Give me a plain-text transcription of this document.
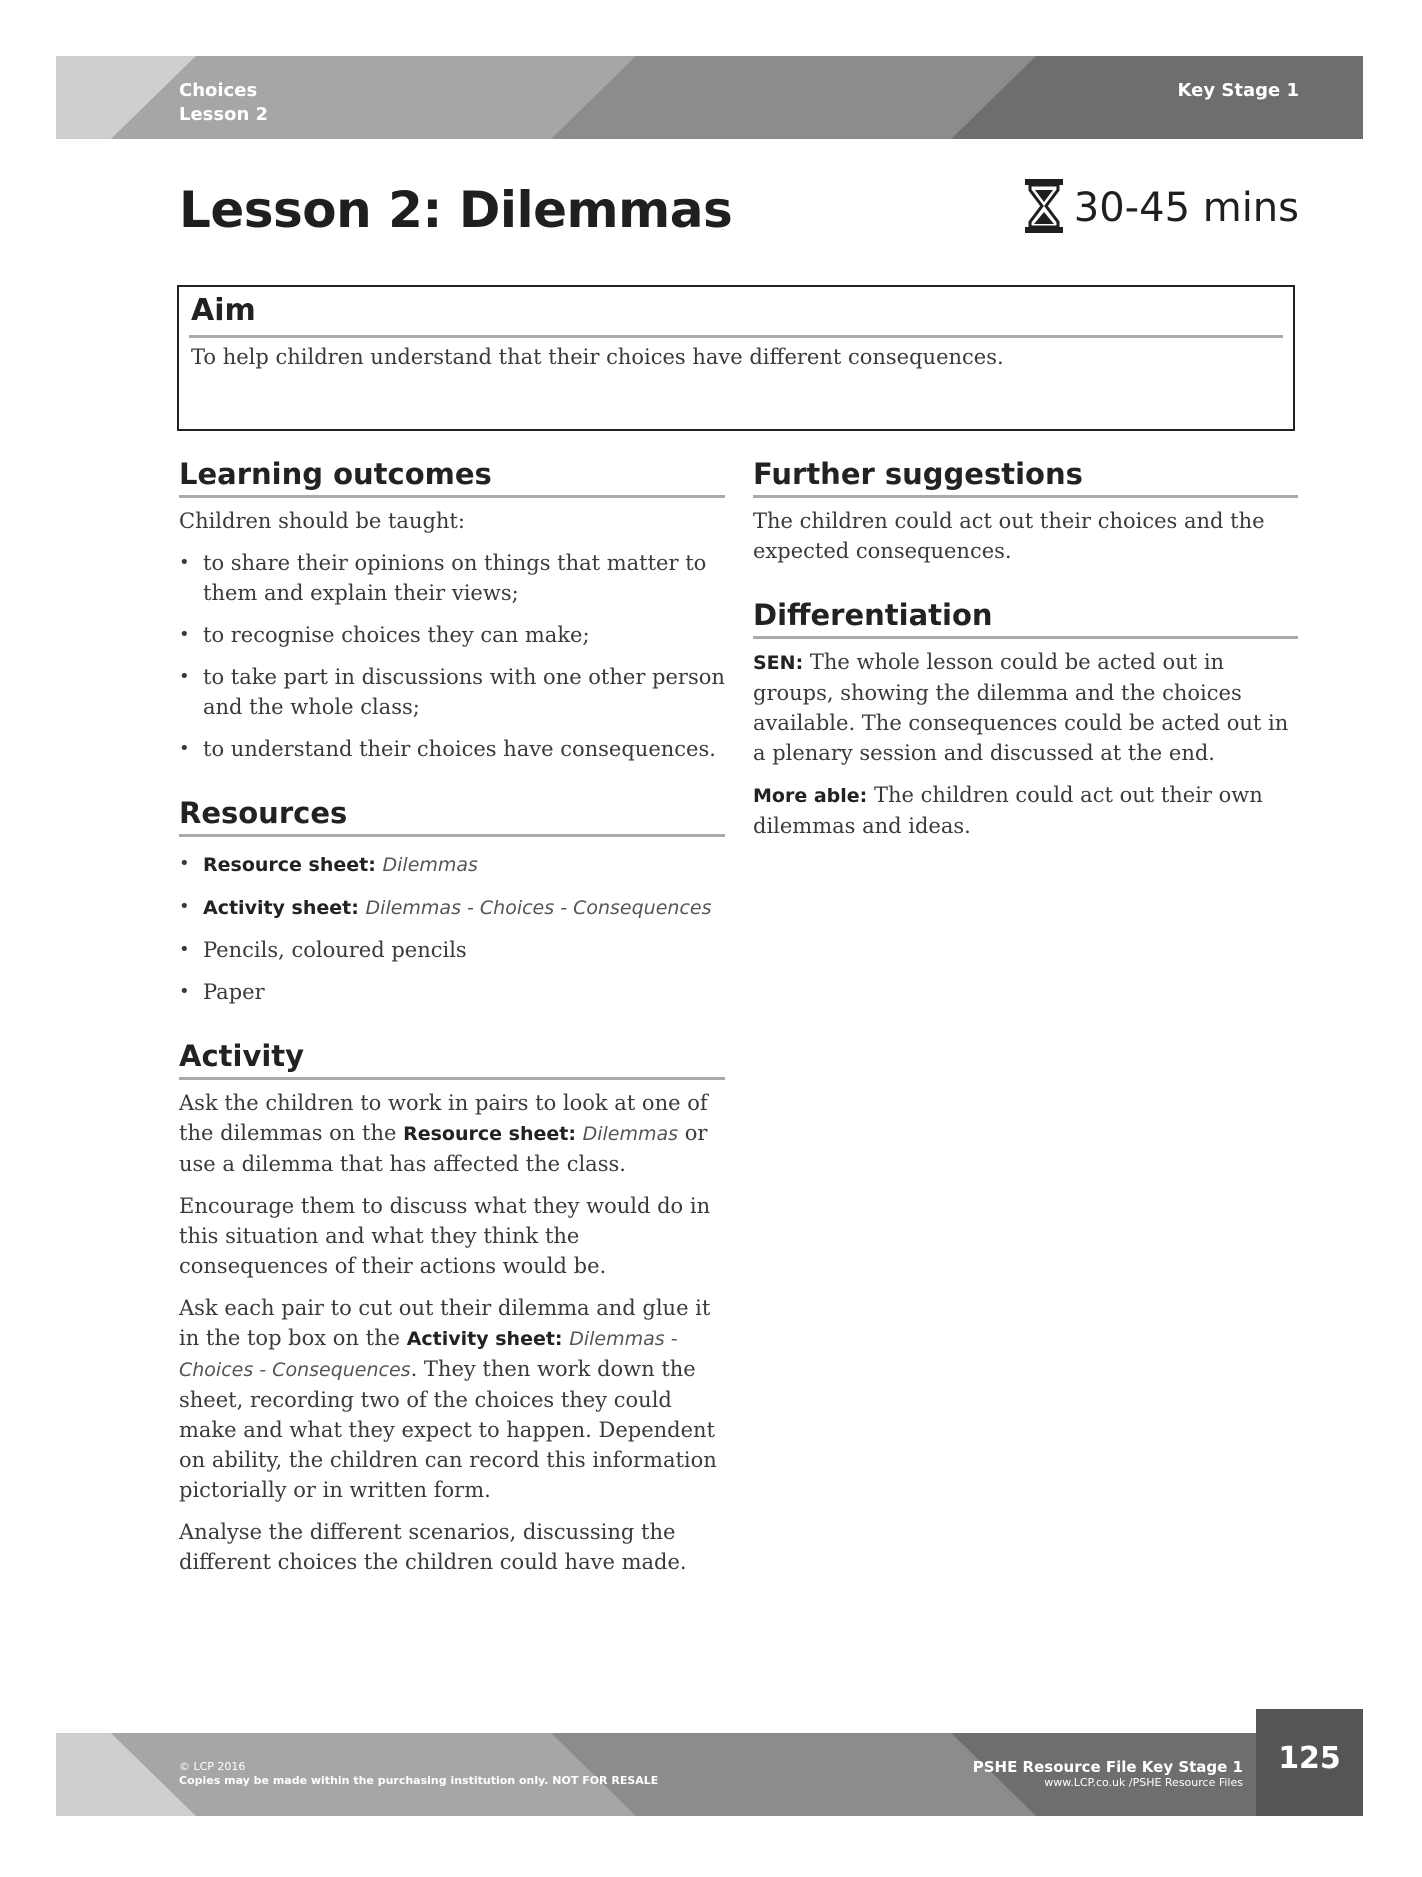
Choices
Lesson 2
Key Stage 1
Lesson 2: Dilemmas	30-45 mins
Aim
To help children understand that their choices have different consequences.
Learning outcomes

Children should be taught:

• to share their opinions on things that matter to them and explain their views;
• to recognise choices they can make;
• to take part in discussions with one other person and the whole class;
• to understand their choices have consequences.
Resources
• Resource sheet: Dilemmas
• Activity sheet: Dilemmas - Choices - Consequences
• Pencils, coloured pencils
• Paper
Activity

Ask the children to work in pairs to look at one of the dilemmas on the Resource sheet: Dilemmas or use a dilemma that has affected the class.

Encourage them to discuss what they would do in this situation and what they think the consequences of their actions would be.

Ask each pair to cut out their dilemma and glue it in the top box on the Activity sheet: Dilemmas - Choices - Consequences. They then work down the sheet, recording two of the choices they could make and what they expect to happen. Dependent on ability, the children can record this information pictorially or in written form.

Analyse the different scenarios, discussing the different choices the children could have made.

Further suggestions

The children could act out their choices and the expected consequences.

Differentiation

SEN: The whole lesson could be acted out in groups, showing the dilemma and the choices available. The consequences could be acted out in a plenary session and discussed at the end.

More able: The children could act out their own dilemmas and ideas.

© LCP 2016
Copies may be made within the purchasing institution only. NOT FOR RESALE
PSHE Resource File Key Stage 1
www.LCP.co.uk /PSHE Resource Files
125
